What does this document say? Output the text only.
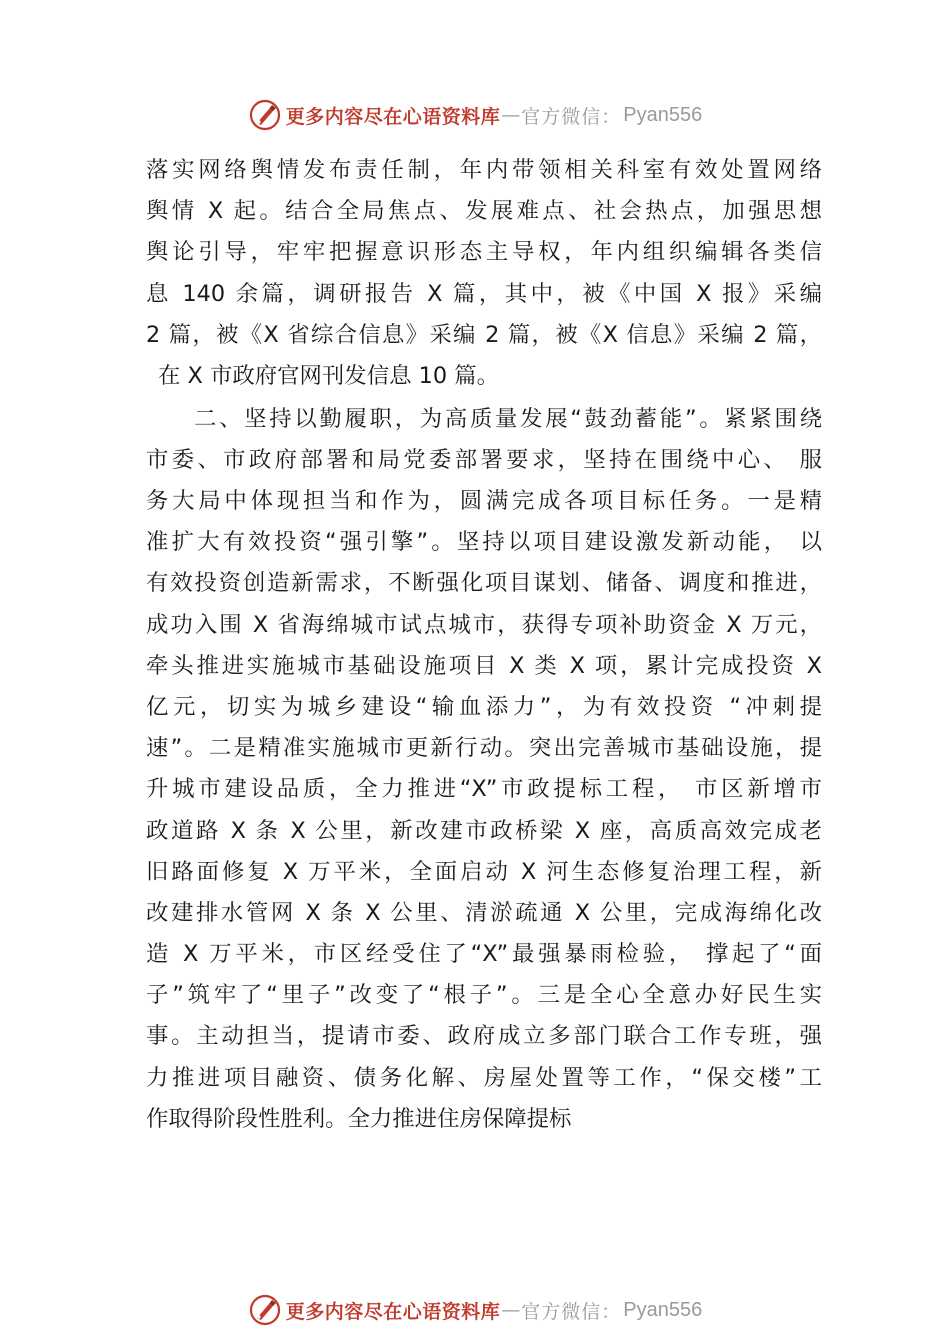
更多内容尽在心语资料库 — 官方微信： Pyan556
落实网络舆情发布责任制，年内带领相关科室有效处置网络
舆情 X 起。结合全局焦点、发展难点、社会热点，加强思想
舆论引导，牢牢把握意识形态主导权，年内组织编辑各类信
息 140 余篇，调研报告 X 篇，其中，被《中国 X 报》采编
2 篇，被《X 省综合信息》采编 2 篇，被《X 信息》采编 2 篇，
在 X 市政府官网刊发信息 10 篇。
二、坚持以勤履职，为高质量发展“鼓劲蓄能”。紧紧围绕
市委、市政府部署和局党委部署要求，坚持在围绕中心、 服
务大局中体现担当和作为，圆满完成各项目标任务。一是精
准扩大有效投资“强引擎”。坚持以项目建设激发新动能， 以
有效投资创造新需求，不断强化项目谋划、储备、调度和推进，
成功入围 X 省海绵城市试点城市，获得专项补助资金 X 万元，
牵头推进实施城市基础设施项目 X 类 X 项，累计完成投资 X
亿元，切实为城乡建设“输血添力”，为有效投资 “冲刺提
速”。二是精准实施城市更新行动。突出完善城市基础设施，提
升城市建设品质，全力推进“X”市政提标工程， 市区新增市
政道路 X 条 X 公里，新改建市政桥梁 X 座，高质高效完成老
旧路面修复 X 万平米，全面启动 X 河生态修复治理工程，新
改建排水管网 X 条 X 公里、清淤疏通 X 公里，完成海绵化改
造 X 万平米，市区经受住了“X”最强暴雨检验， 撑起了“面
子”筑牢了“里子”改变了“根子”。三是全心全意办好民生实
事。主动担当，提请市委、政府成立多部门联合工作专班，强
力推进项目融资、债务化解、房屋处置等工作，“保交楼”工
作取得阶段性胜利。全力推进住房保障提标
更多内容尽在心语资料库 — 官方微信： Pyan556
